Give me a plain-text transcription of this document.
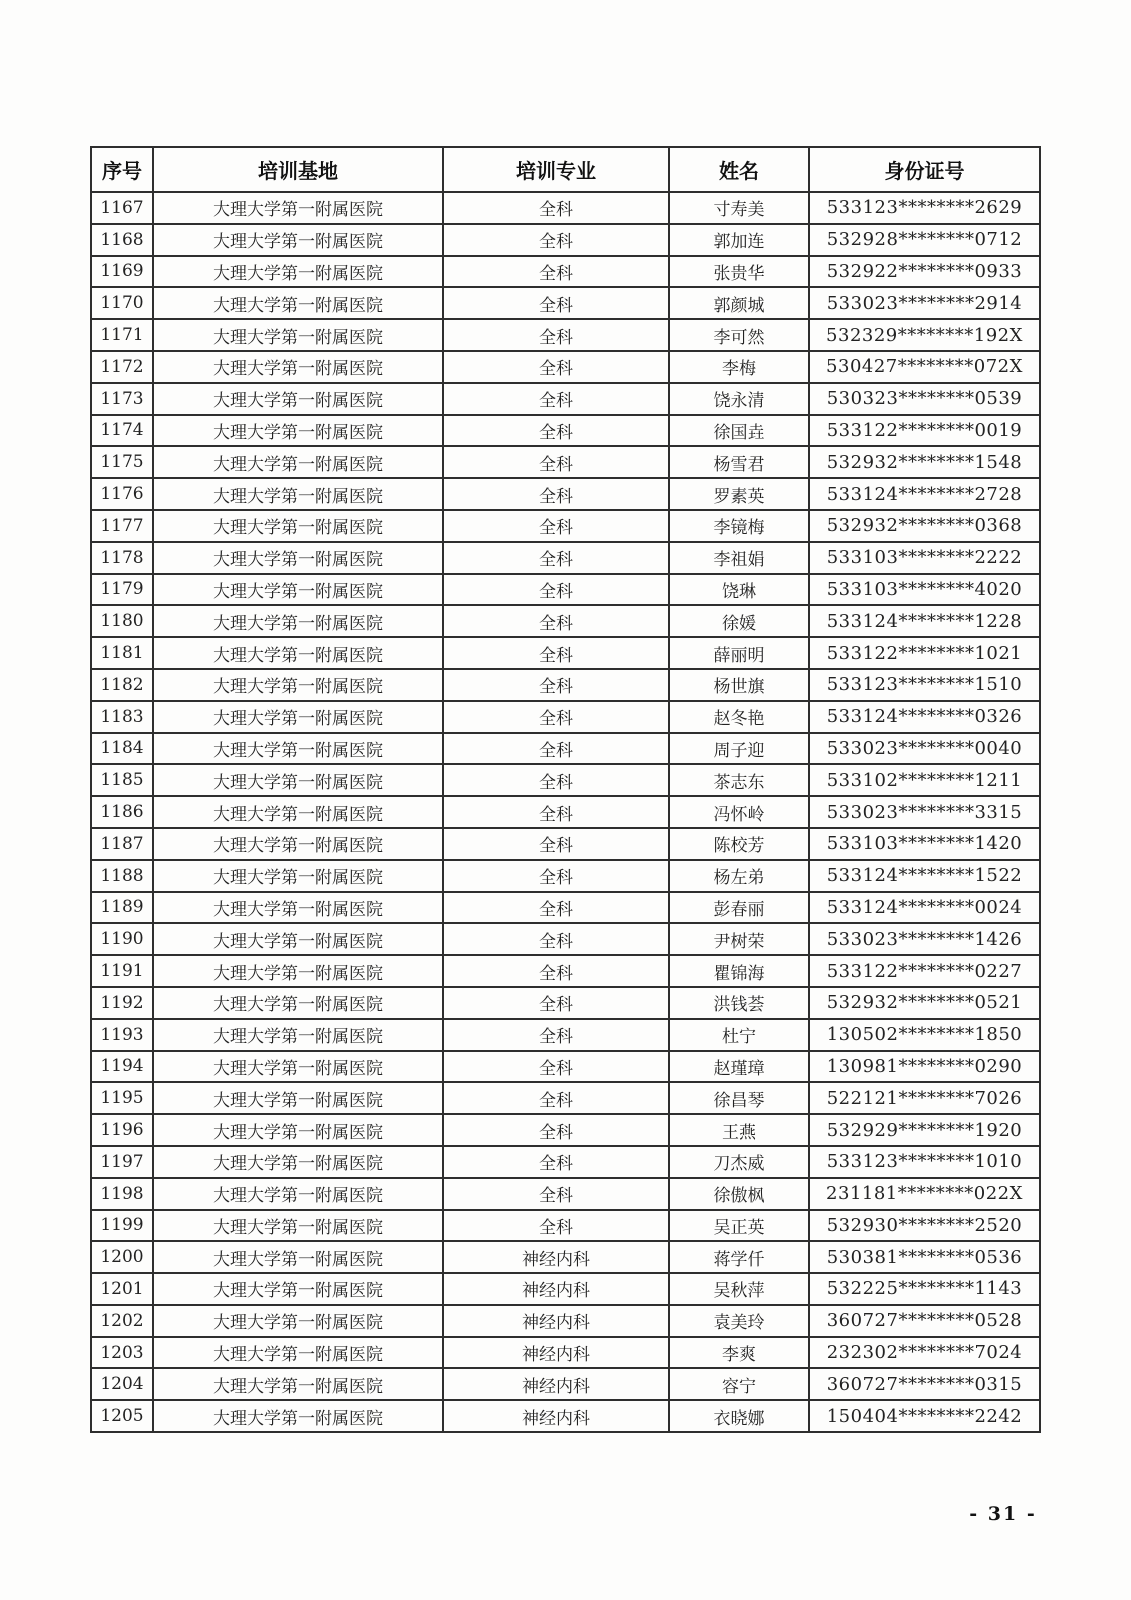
序号	培训基地	培训专业	姓名	身份证号
1167	大理大学第一附属医院	全科	寸寿美	533123********2629
1168	大理大学第一附属医院	全科	郭加连	532928********0712
1169	大理大学第一附属医院	全科	张贵华	532922********0933
1170	大理大学第一附属医院	全科	郭颜城	533023********2914
1171	大理大学第一附属医院	全科	李可然	532329********192X
1172	大理大学第一附属医院	全科	李梅	530427********072X
1173	大理大学第一附属医院	全科	饶永清	530323********0539
1174	大理大学第一附属医院	全科	徐国垚	533122********0019
1175	大理大学第一附属医院	全科	杨雪君	532932********1548
1176	大理大学第一附属医院	全科	罗素英	533124********2728
1177	大理大学第一附属医院	全科	李镜梅	532932********0368
1178	大理大学第一附属医院	全科	李祖娟	533103********2222
1179	大理大学第一附属医院	全科	饶琳	533103********4020
1180	大理大学第一附属医院	全科	徐媛	533124********1228
1181	大理大学第一附属医院	全科	薛丽明	533122********1021
1182	大理大学第一附属医院	全科	杨世旗	533123********1510
1183	大理大学第一附属医院	全科	赵冬艳	533124********0326
1184	大理大学第一附属医院	全科	周子迎	533023********0040
1185	大理大学第一附属医院	全科	茶志东	533102********1211
1186	大理大学第一附属医院	全科	冯怀岭	533023********3315
1187	大理大学第一附属医院	全科	陈校芳	533103********1420
1188	大理大学第一附属医院	全科	杨左弟	533124********1522
1189	大理大学第一附属医院	全科	彭春丽	533124********0024
1190	大理大学第一附属医院	全科	尹树荣	533023********1426
1191	大理大学第一附属医院	全科	瞿锦海	533122********0227
1192	大理大学第一附属医院	全科	洪钱荟	532932********0521
1193	大理大学第一附属医院	全科	杜宁	130502********1850
1194	大理大学第一附属医院	全科	赵瑾璋	130981********0290
1195	大理大学第一附属医院	全科	徐昌琴	522121********7026
1196	大理大学第一附属医院	全科	王燕	532929********1920
1197	大理大学第一附属医院	全科	刀杰威	533123********1010
1198	大理大学第一附属医院	全科	徐傲枫	231181********022X
1199	大理大学第一附属医院	全科	吴正英	532930********2520
1200	大理大学第一附属医院	神经内科	蒋学仟	530381********0536
1201	大理大学第一附属医院	神经内科	吴秋萍	532225********1143
1202	大理大学第一附属医院	神经内科	袁美玲	360727********0528
1203	大理大学第一附属医院	神经内科	李爽	232302********7024
1204	大理大学第一附属医院	神经内科	容宁	360727********0315
1205	大理大学第一附属医院	神经内科	衣晓娜	150404********2242
- 31 -
